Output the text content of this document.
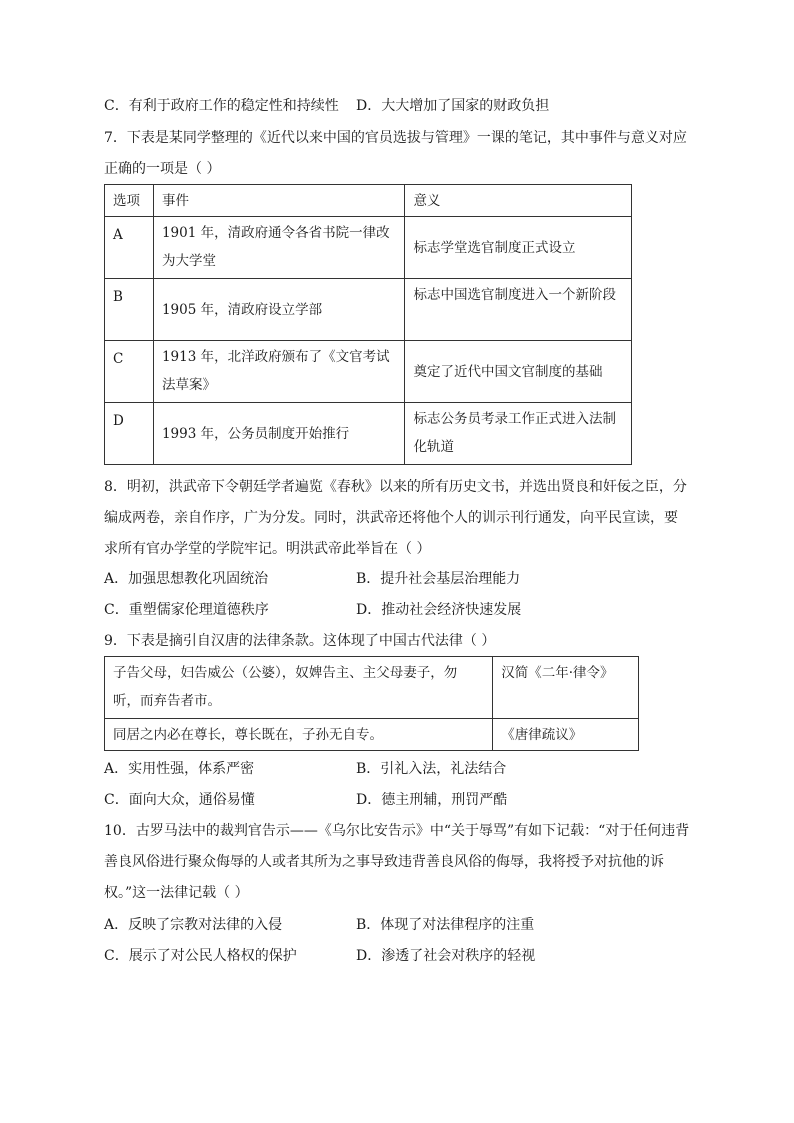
C．有利于政府工作的稳定性和持续性 D．大大增加了国家的财政负担
7．下表是某同学整理的《近代以来中国的官员选拔与管理》一课的笔记，其中事件与意义对应
正确的一项是（ ）
选项	事件	意义

A	1901 年，清政府通令各省书院一律改为大学堂	标志学堂选官制度正式设立

B	1905 年，清政府设立学部	标志中国选官制度进入一个新阶段

C	1913 年，北洋政府颁布了《文官考试法草案》	奠定了近代中国文官制度的基础

D	1993 年，公务员制度开始推行	标志公务员考录工作正式进入法制化轨道
8．明初，洪武帝下令朝廷学者遍览《春秋》以来的所有历史文书，并选出贤良和奸佞之臣，分
编成两卷，亲自作序，广为分发。同时，洪武帝还将他个人的训示刊行通发，向平民宣读，要
求所有官办学堂的学院牢记。明洪武帝此举旨在（ ）
A．加强思想教化巩固统治	B．提升社会基层治理能力
C．重塑儒家伦理道德秩序	D．推动社会经济快速发展
9．下表是摘引自汉唐的法律条款。这体现了中国古代法律（ ）
子告父母，妇告威公（公婆），奴婢告主、主父母妻子，勿听，而弃告者市。	汉简《二年·律令》

同居之内必在尊长，尊长既在，子孙无自专。	《唐律疏议》
A．实用性强，体系严密	B．引礼入法，礼法结合
C．面向大众，通俗易懂	D．德主刑辅，刑罚严酷
10．古罗马法中的裁判官告示——《乌尔比安告示》中“关于辱骂”有如下记载：“对于任何违背
善良风俗进行聚众侮辱的人或者其所为之事导致违背善良风俗的侮辱，我将授予对抗他的诉
权。”这一法律记载（ ）
A．反映了宗教对法律的入侵	B．体现了对法律程序的注重
C．展示了对公民人格权的保护	D．渗透了社会对秩序的轻视
